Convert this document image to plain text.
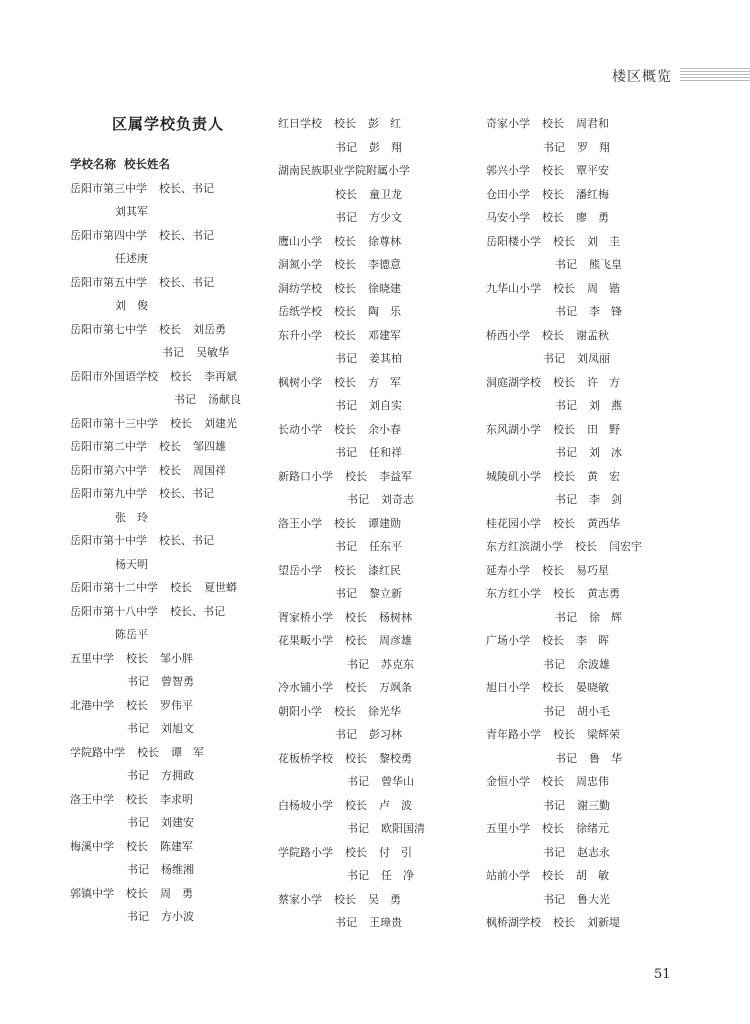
楼区概览
区属学校负责人
学校名称 校长姓名
岳阳市第三中学 校长、书记
刘其军
岳阳市第四中学 校长、书记
任述庚
岳阳市第五中学 校长、书记
刘　俊
岳阳市第七中学 校长 刘岳勇
书记 吴敏华
岳阳市外国语学校 校长 李再斌
书记 汤献良
岳阳市第十三中学 校长 刘建光
岳阳市第二中学 校长 邹四雄
岳阳市第六中学 校长 周国祥
岳阳市第九中学 校长、书记
张　玲
岳阳市第十中学 校长、书记
杨天明
岳阳市第十二中学 校长 夏世蟒
岳阳市第十八中学 校长、书记
陈岳平
五里中学 校长 邹小胖
书记 曾智勇
北港中学 校长 罗伟平
书记 刘旭文
学院路中学 校长 谭　军
书记 方拥政
洛王中学 校长 李求明
书记 刘建安
梅溪中学 校长 陈建军
书记 杨维湘
郭镇中学 校长 周　勇
书记 方小波
红日学校 校长 彭　红
书记 彭　翔
湖南民族职业学院附属小学
校长 童卫龙
书记 方少文
鹰山小学 校长 徐尊林
洞氮小学 校长 李德意
洞纺学校 校长 徐晓建
岳纸学校 校长 陶　乐
东升小学 校长 邓建军
书记 姜其柏
枫树小学 校长 方　军
书记 刘自实
长动小学 校长 余小春
书记 任和祥
新路口小学 校长 李益军
书记 刘奇志
洛王小学 校长 谭建勋
书记 任东平
望岳小学 校长 漆红民
书记 黎立新
胥家桥小学 校长 杨树林
花果畈小学 校长 周彦雄
书记 苏克东
冷水铺小学 校长 万飒条
朝阳小学 校长 徐光华
书记 彭习林
花板桥学校 校长 黎校勇
书记 曾华山
白杨坡小学 校长 卢　波
书记 欧阳国清
学院路小学 校长 付　引
书记 任　净
蔡家小学 校长 吴　勇
书记 王璋贵
奇家小学 校长 周君和
书记 罗　翔
郭兴小学 校长 覃平安
仓田小学 校长 潘红梅
马安小学 校长 廖　勇
岳阳楼小学 校长 刘　圭
书记 熊飞皇
九华山小学 校长 周　锴
书记 李　锋
桥西小学 校长 谢孟秋
书记 刘凤丽
洞庭湖学校 校长 许　方
书记 刘　燕
东风湖小学 校长 田　野
书记 刘　冰
城陵矶小学 校长 黄　宏
书记 李　剑
桂花园小学 校长 黄西华
东方红滨湖小学 校长 闫宏宇
延寿小学 校长 易巧星
东方红小学 校长 黄志勇
书记 徐　辉
广场小学 校长 李　晖
书记 余波雄
旭日小学 校长 晏晓敏
书记 胡小毛
青年路小学 校长 梁辉荣
书记 鲁　华
金恒小学 校长 周忠伟
书记 谢三勤
五里小学 校长 徐绪元
书记 赵志永
站前小学 校长 胡　敏
书记 鲁大光
枫桥湖学校 校长 刘新堤
51
